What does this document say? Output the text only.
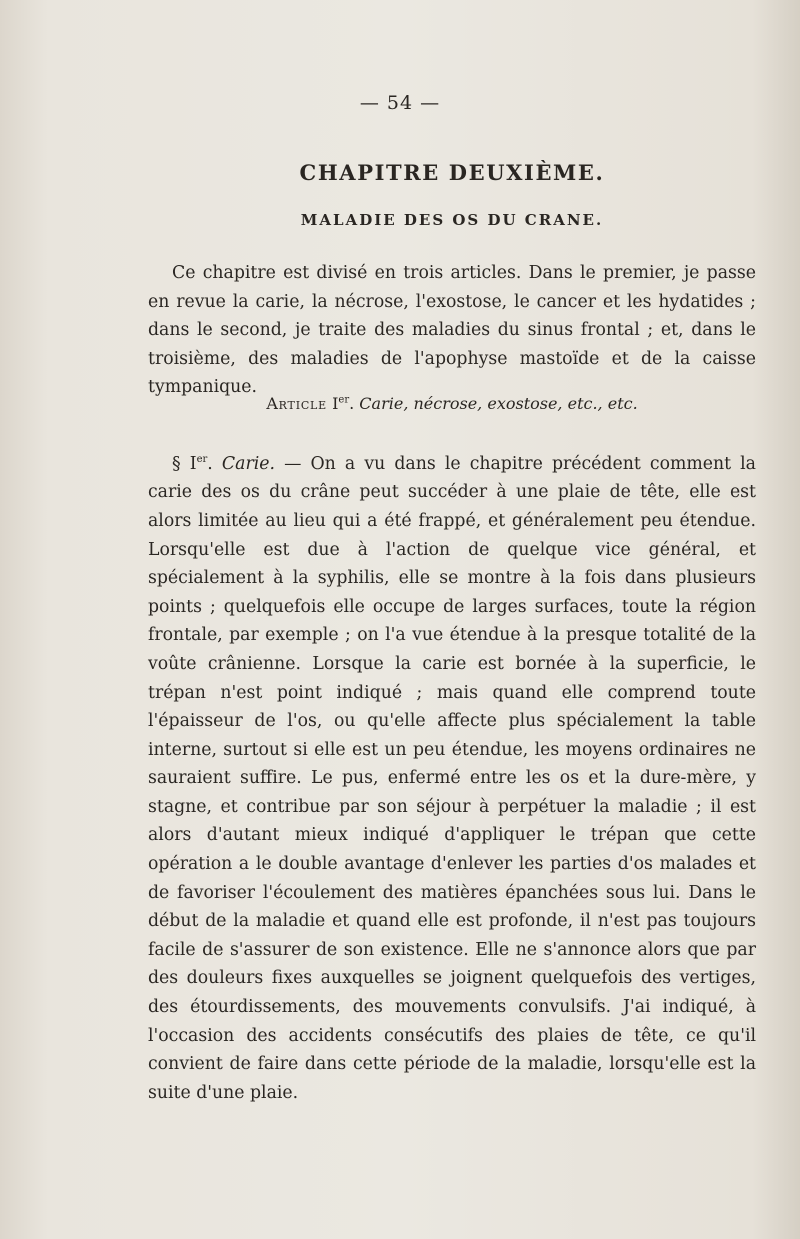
— 54 —
CHAPITRE DEUXIÈME.
MALADIE DES OS DU CRANE.
Ce chapitre est divisé en trois articles. Dans le premier, je passe en revue la carie, la nécrose, l'exostose, le cancer et les hydatides ; dans le second, je traite des maladies du sinus frontal ; et, dans le troisième, des maladies de l'apophyse mastoïde et de la caisse tympanique.
Article Ier. Carie, nécrose, exostose, etc., etc.
§ Ier. Carie. — On a vu dans le chapitre précédent comment la carie des os du crâne peut succéder à une plaie de tête, elle est alors limitée au lieu qui a été frappé, et généralement peu étendue. Lorsqu'elle est due à l'action de quelque vice général, et spécialement à la syphilis, elle se montre à la fois dans plusieurs points ; quelquefois elle occupe de larges surfaces, toute la région frontale, par exemple ; on l'a vue étendue à la presque totalité de la voûte crânienne. Lorsque la carie est bornée à la superficie, le trépan n'est point indiqué ; mais quand elle comprend toute l'épaisseur de l'os, ou qu'elle affecte plus spécialement la table interne, surtout si elle est un peu étendue, les moyens ordinaires ne sauraient suffire. Le pus, enfermé entre les os et la dure-mère, y stagne, et contribue par son séjour à perpétuer la maladie ; il est alors d'autant mieux indiqué d'appliquer le trépan que cette opération a le double avantage d'enlever les parties d'os malades et de favoriser l'écoulement des matières épanchées sous lui. Dans le début de la maladie et quand elle est profonde, il n'est pas toujours facile de s'assurer de son existence. Elle ne s'annonce alors que par des douleurs fixes auxquelles se joignent quelquefois des vertiges, des étourdissements, des mouvements convulsifs. J'ai indiqué, à l'occasion des accidents consécutifs des plaies de tête, ce qu'il convient de faire dans cette période de la maladie, lorsqu'elle est la suite d'une plaie.
